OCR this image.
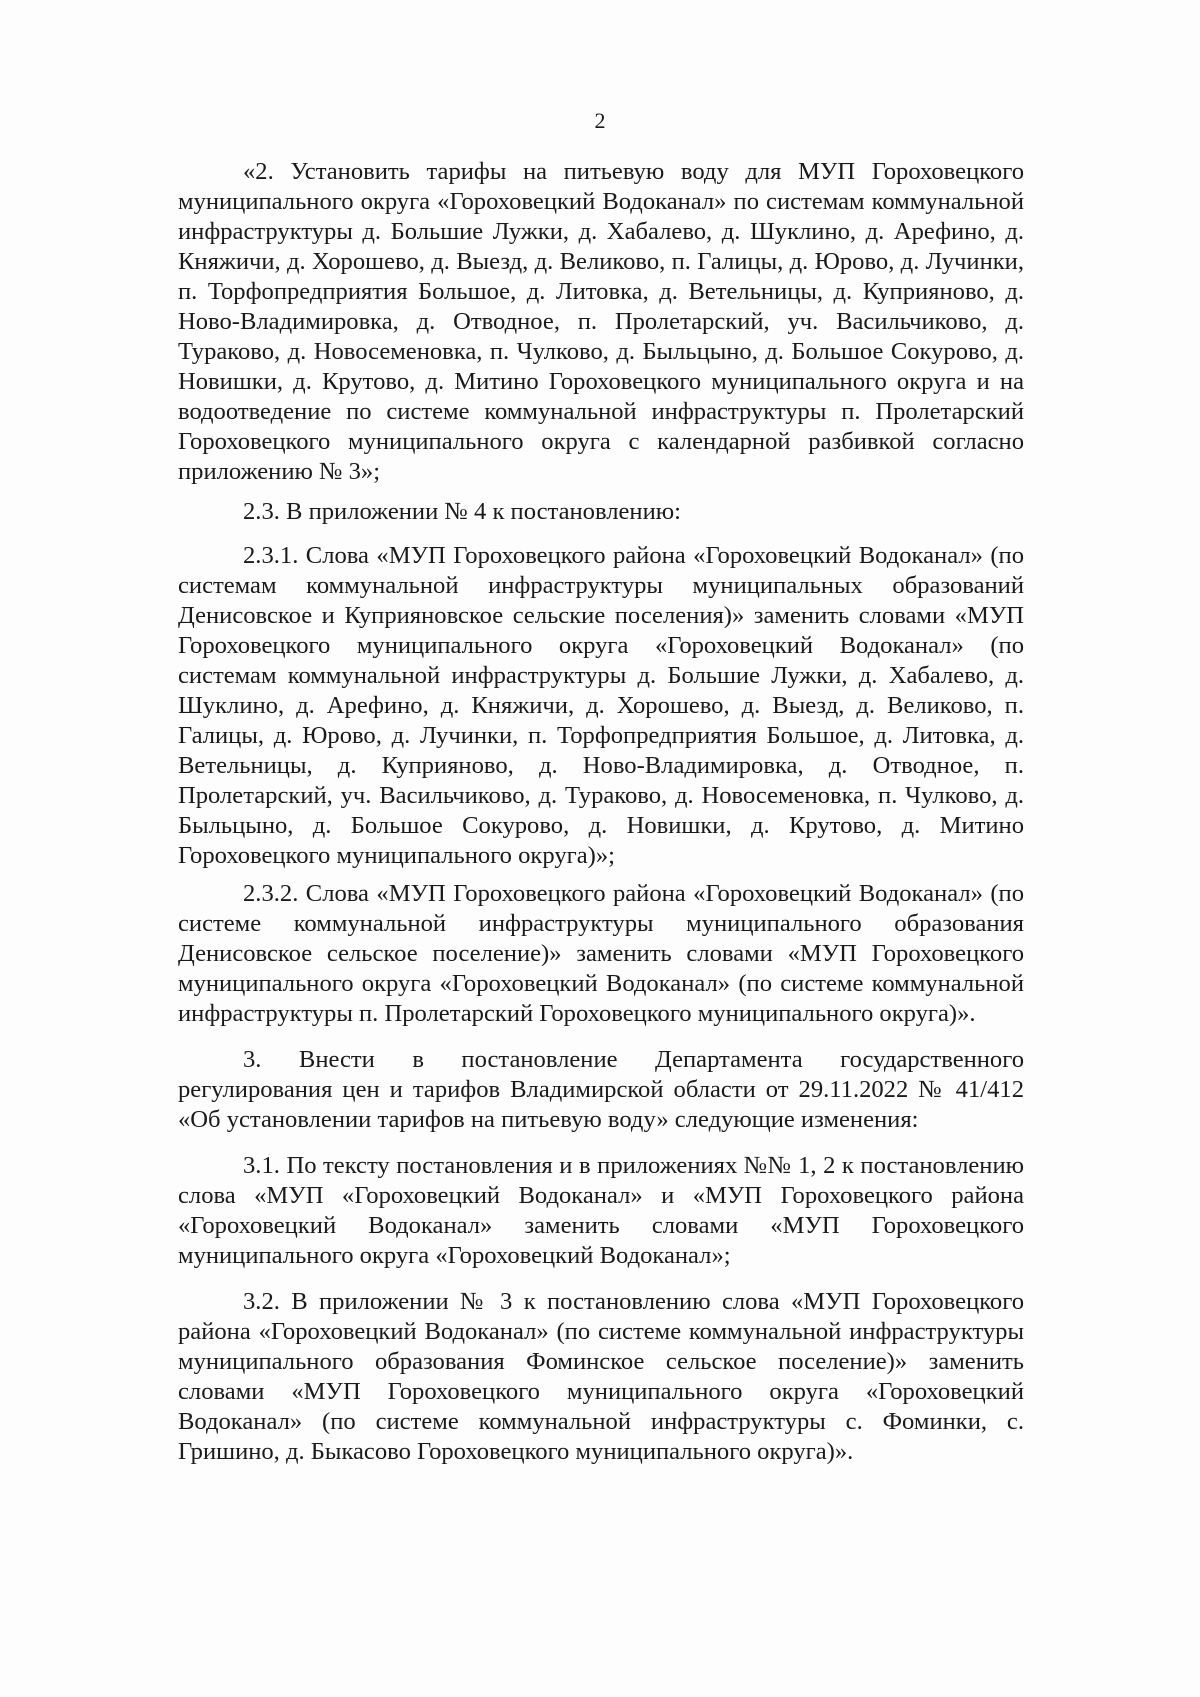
2

«2. Установить тарифы на питьевую воду для МУП Гороховецкого муниципального округа «Гороховецкий Водоканал» по системам коммунальной инфраструктуры д. Большие Лужки, д. Хабалево, д. Шуклино, д. Арефино, д. Княжичи, д. Хорошево, д. Выезд, д. Великово, п. Галицы, д. Юрово, д. Лучинки, п. Торфопредприятия Большое, д. Литовка, д. Ветельницы, д. Куприяново, д. Ново-Владимировка, д. Отводное, п. Пролетарский, уч. Васильчиково, д. Тураково, д. Новосеменовка, п. Чулково, д. Быльцыно, д. Большое Сокурово, д. Новишки, д. Крутово, д. Митино Гороховецкого муниципального округа и на водоотведение по системе коммунальной инфраструктуры п. Пролетарский Гороховецкого муниципального округа с календарной разбивкой согласно приложению № 3»;

2.3. В приложении № 4 к постановлению:

2.3.1. Слова «МУП Гороховецкого района «Гороховецкий Водоканал» (по системам коммунальной инфраструктуры муниципальных образований Денисовское и Куприяновское сельские поселения)» заменить словами «МУП Гороховецкого муниципального округа «Гороховецкий Водоканал» (по системам коммунальной инфраструктуры д. Большие Лужки, д. Хабалево, д. Шуклино, д. Арефино, д. Княжичи, д. Хорошево, д. Выезд, д. Великово, п. Галицы, д. Юрово, д. Лучинки, п. Торфопредприятия Большое, д. Литовка, д. Ветельницы, д. Куприяново, д. Ново-Владимировка, д. Отводное, п. Пролетарский, уч. Васильчиково, д. Тураково, д. Новосеменовка, п. Чулково, д. Быльцыно, д. Большое Сокурово, д. Новишки, д. Крутово, д. Митино Гороховецкого муниципального округа)»;

2.3.2. Слова «МУП Гороховецкого района «Гороховецкий Водоканал» (по системе коммунальной инфраструктуры муниципального образования Денисовское сельское поселение)» заменить словами «МУП Гороховецкого муниципального округа «Гороховецкий Водоканал» (по системе коммунальной инфраструктуры п. Пролетарский Гороховецкого муниципального округа)».

3. Внести в постановление Департамента государственного регулирования цен и тарифов Владимирской области от 29.11.2022 № 41/412 «Об установлении тарифов на питьевую воду» следующие изменения:

3.1. По тексту постановления и в приложениях №№ 1, 2 к постановлению слова «МУП «Гороховецкий Водоканал» и «МУП Гороховецкого района «Гороховецкий Водоканал» заменить словами «МУП Гороховецкого муниципального округа «Гороховецкий Водоканал»;

3.2. В приложении № 3 к постановлению слова «МУП Гороховецкого района «Гороховецкий Водоканал» (по системе коммунальной инфраструктуры муниципального образования Фоминское сельское поселение)» заменить словами «МУП Гороховецкого муниципального округа «Гороховецкий Водоканал» (по системе коммунальной инфраструктуры с. Фоминки, с. Гришино, д. Быкасово Гороховецкого муниципального округа)».
